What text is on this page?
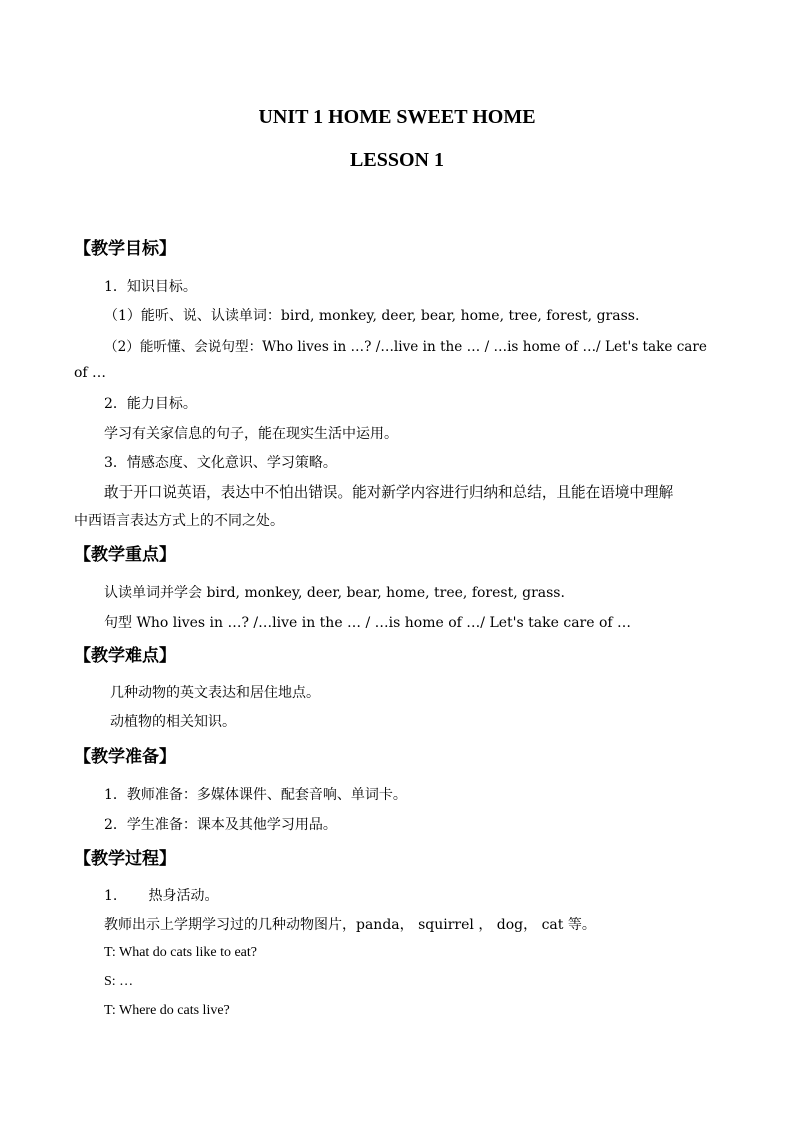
UNIT 1 HOME SWEET HOME
LESSON 1
【教学目标】
1．知识目标。
（1）能听、说、认读单词：bird, monkey, deer, bear, home, tree, forest, grass.
（2）能听懂、会说句型：Who lives in …? /…live in the … / …is home of …/ Let's take care
of …
2．能力目标。
学习有关家信息的句子，能在现实生活中运用。
3．情感态度、文化意识、学习策略。
敢于开口说英语，表达中不怕出错误。能对新学内容进行归纳和总结，且能在语境中理解
中西语言表达方式上的不同之处。
【教学重点】
认读单词并学会 bird, monkey, deer, bear, home, tree, forest, grass.
句型 Who lives in …? /…live in the … / …is home of …/ Let's take care of …
【教学难点】
几种动物的英文表达和居住地点。
动植物的相关知识。
【教学准备】
1．教师准备：多媒体课件、配套音响、单词卡。
2．学生准备：课本及其他学习用品。
【教学过程】
1.       热身活动。
教师出示上学期学习过的几种动物图片，panda， squirrel ， dog， cat 等。
T: What do cats like to eat?
S: …
T: Where do cats live?
